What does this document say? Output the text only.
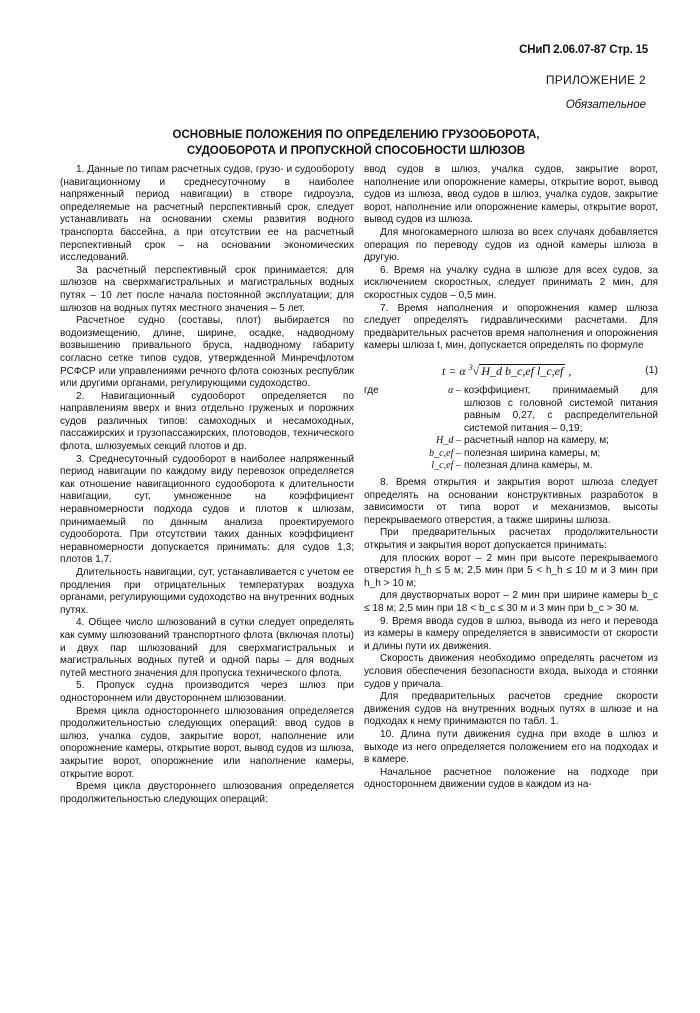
СНиП 2.06.07-87 Стр. 15
ПРИЛОЖЕНИЕ 2
Обязательное
ОСНОВНЫЕ ПОЛОЖЕНИЯ ПО ОПРЕДЕЛЕНИЮ ГРУЗООБОРОТА,
СУДООБОРОТА И ПРОПУСКНОЙ СПОСОБНОСТИ ШЛЮЗОВ

1. Данные по типам расчетных судов, грузо- и судообороту (навигационному и среднесуточному в наиболее напряженный период навигации) в створе гидроузла, определяемые на расчетный перспективный срок, следует устанавливать на основании схемы развития водного транспорта бассейна, а при отсутствии ее на расчетный перспективный срок – на основании экономических исследований.

За расчетный перспективный срок принимается: для шлюзов на сверхмагистральных и магистральных водных путях – 10 лет после начала постоянной эксплуатации; для шлюзов на водных путях местного значения – 5 лет.

Расчетное судно (составы, плот) выбирается по водоизмещению, длине, ширине, осадке, надводному возвышению привального бруса, надводному габариту согласно сетке типов судов, утвержденной Минречфлотом РСФСР или управлениями речного флота союзных республик или другими органами, регулирующими судоходство.

2. Навигационный судооборот определяется по направлениям вверх и вниз отдельно груженых и порожних судов различных типов: самоходных и несамоходных, пассажирских и грузопассажирских, плотоводов, технического флота, шлюзуемых секций плотов и др.

3. Среднесуточный судооборот в наиболее напряженный период навигации по каждому виду перевозок определяется как отношение навигационного судооборота к длительности навигации, сут, умноженное на коэффициент неравномерности подхода судов и плотов к шлюзам, принимаемый по данным анализа проектируемого судооборота. При отсутствии таких данных коэффициент неравномерности допускается принимать: для судов 1,3; плотов 1,7.

Длительность навигации, сут, устанавливается с учетом ее продления при отрицательных температурах воздуха органами, регулирующими судоходство на внутренних водных путях.

4. Общее число шлюзований в сутки следует определять как сумму шлюзований транспортного флота (включая плоты) и двух пар шлюзований для сверхмагистральных и магистральных водных путей и одной пары – для водных путей местного значения для пропуска технического флота.

5. Пропуск судна производится через шлюз при одностороннем или двустороннем шлюзовании.

Время цикла одностороннего шлюзования определяется продолжительностью следующих операций: ввод судов в шлюз, учалка судов, закрытие ворот, наполнение или опорожнение камеры, открытие ворот, вывод судов из шлюза, закрытие ворот, опорожнение или наполнение камеры, открытие ворот.

Время цикла двустороннего шлюзования определяется продолжительностью следующих операций:

ввод судов в шлюз, учалка судов, закрытие ворот, наполнение или опорожнение камеры, открытие ворот, вывод судов из шлюза, ввод судов в шлюз, учалка судов, закрытие ворот, наполнение или опорожнение камеры, открытие ворот, вывод судов из шлюза.

Для многокамерного шлюза во всех случаях добавляется операция по переводу судов из одной камеры шлюза в другую.

6. Время на учалку судна в шлюзе для всех судов, за исключением скоростных, следует принимать 2 мин, для скоростных судов – 0,5 мин.

7. Время наполнения и опорожнения камер шлюза следует определять гидравлическими расчетами. Для предварительных расчетов время наполнения и опорожнения камеры шлюза t, мин, допускается определять по формуле

t = α $^3$√ H_d b_c,ef l_c,ef ,	(1)
где	α – коэффициент, принимаемый для шлюзов с головной системой питания равным 0,27, с распределительной системой питания – 0,19;
H_d – расчетный напор на камеру, м;
b_c,ef – полезная ширина камеры, м;
l_c,ef – полезная длина камеры, м.

8. Время открытия и закрытия ворот шлюза следует определять на основании конструктивных разработок в зависимости от типа ворот и механизмов, высоты перекрываемого отверстия, а также ширины шлюза.

При предварительных расчетах продолжительности открытия и закрытия ворот допускается принимать:

для плоских ворот – 2 мин при высоте перекрываемого отверстия h_h ≤ 5 м; 2,5 мин при 5 < h_h ≤ 10 м и 3 мин при h_h > 10 м;

для двустворчатых ворот – 2 мин при ширине камеры b_c ≤ 18 м; 2,5 мин при 18 < b_c ≤ 30 м и 3 мин при b_c > 30 м.

9. Время ввода судов в шлюз, вывода из него и перевода из камеры в камеру определяется в зависимости от скорости и длины пути их движения.

Скорость движения необходимо определять расчетом из условия обеспечения безопасности входа, выхода и стоянки судов у причала.

Для предварительных расчетов средние скорости движения судов на внутренних водных путях в шлюзе и на подходах к нему принимаются по табл. 1.

10. Длина пути движения судна при входе в шлюз и выходе из него определяется положением его на подходах и в камере.

Начальное расчетное положение на подходе при одностороннем движении судов в каждом из на-
